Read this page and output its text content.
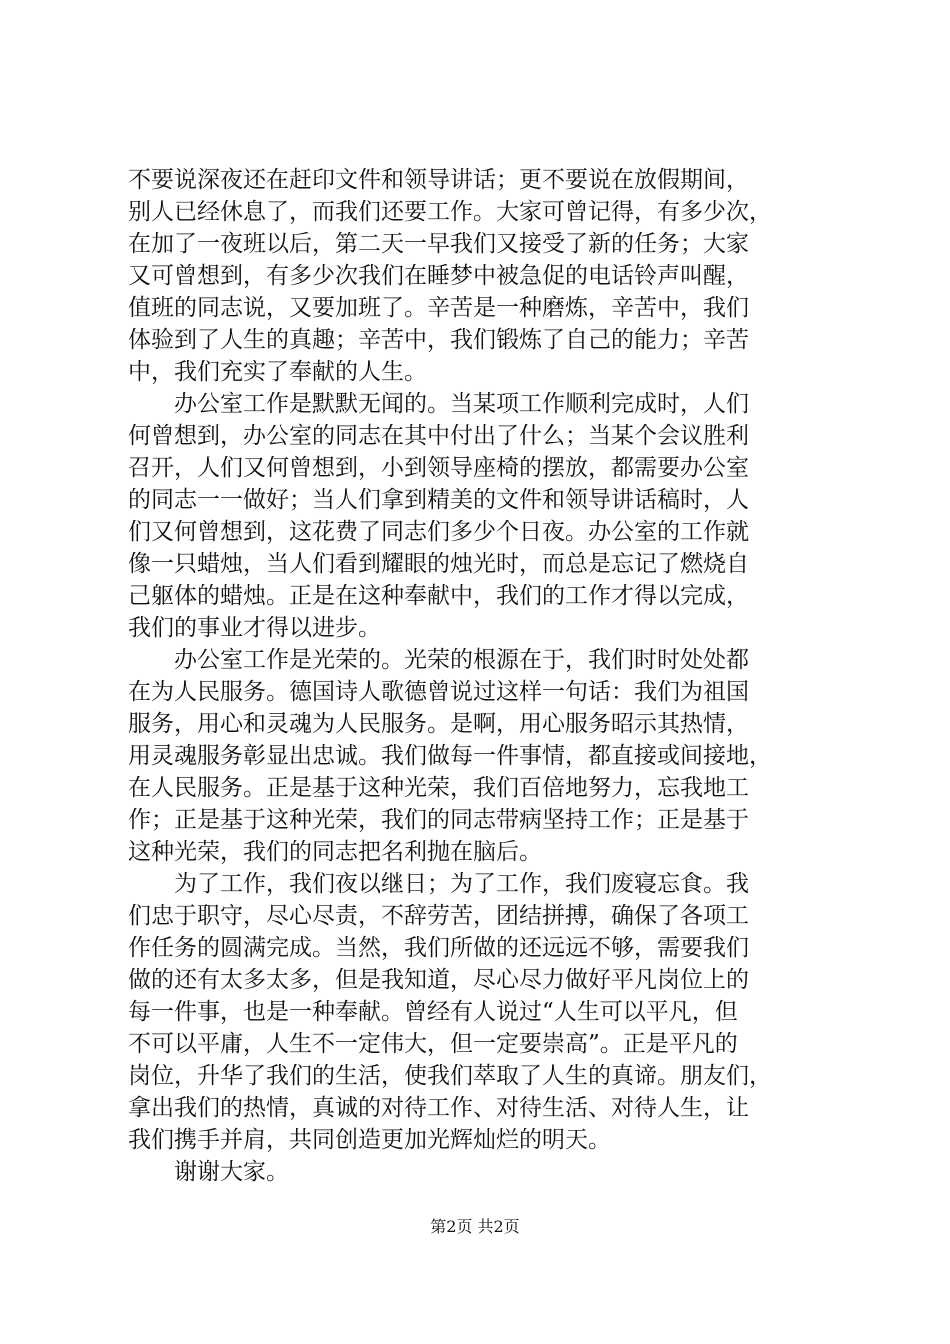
不要说深夜还在赶印文件和领导讲话；更不要说在放假期间，
别人已经休息了，而我们还要工作。大家可曾记得，有多少次，
在加了一夜班以后，第二天一早我们又接受了新的任务；大家
又可曾想到，有多少次我们在睡梦中被急促的电话铃声叫醒，
值班的同志说，又要加班了。辛苦是一种磨炼，辛苦中，我们
体验到了人生的真趣；辛苦中，我们锻炼了自己的能力；辛苦
中，我们充实了奉献的人生。

　　办公室工作是默默无闻的。当某项工作顺利完成时，人们
何曾想到，办公室的同志在其中付出了什么；当某个会议胜利
召开，人们又何曾想到，小到领导座椅的摆放，都需要办公室
的同志一一做好；当人们拿到精美的文件和领导讲话稿时，人
们又何曾想到，这花费了同志们多少个日夜。办公室的工作就
像一只蜡烛，当人们看到耀眼的烛光时，而总是忘记了燃烧自
己躯体的蜡烛。正是在这种奉献中，我们的工作才得以完成，
我们的事业才得以进步。

　　办公室工作是光荣的。光荣的根源在于，我们时时处处都
在为人民服务。德国诗人歌德曾说过这样一句话：我们为祖国
服务，用心和灵魂为人民服务。是啊，用心服务昭示其热情，
用灵魂服务彰显出忠诚。我们做每一件事情，都直接或间接地，
在人民服务。正是基于这种光荣，我们百倍地努力，忘我地工
作；正是基于这种光荣，我们的同志带病坚持工作；正是基于
这种光荣，我们的同志把名利抛在脑后。

　　为了工作，我们夜以继日；为了工作，我们废寝忘食。我
们忠于职守，尽心尽责，不辞劳苦，团结拼搏，确保了各项工
作任务的圆满完成。当然，我们所做的还远远不够，需要我们
做的还有太多太多，但是我知道，尽心尽力做好平凡岗位上的
每一件事，也是一种奉献。曾经有人说过“人生可以平凡，但
不可以平庸，人生不一定伟大，但一定要崇高”。正是平凡的
岗位，升华了我们的生活，使我们萃取了人生的真谛。朋友们，
拿出我们的热情，真诚的对待工作、对待生活、对待人生，让
我们携手并肩，共同创造更加光辉灿烂的明天。

　　谢谢大家。

第2页 共2页
